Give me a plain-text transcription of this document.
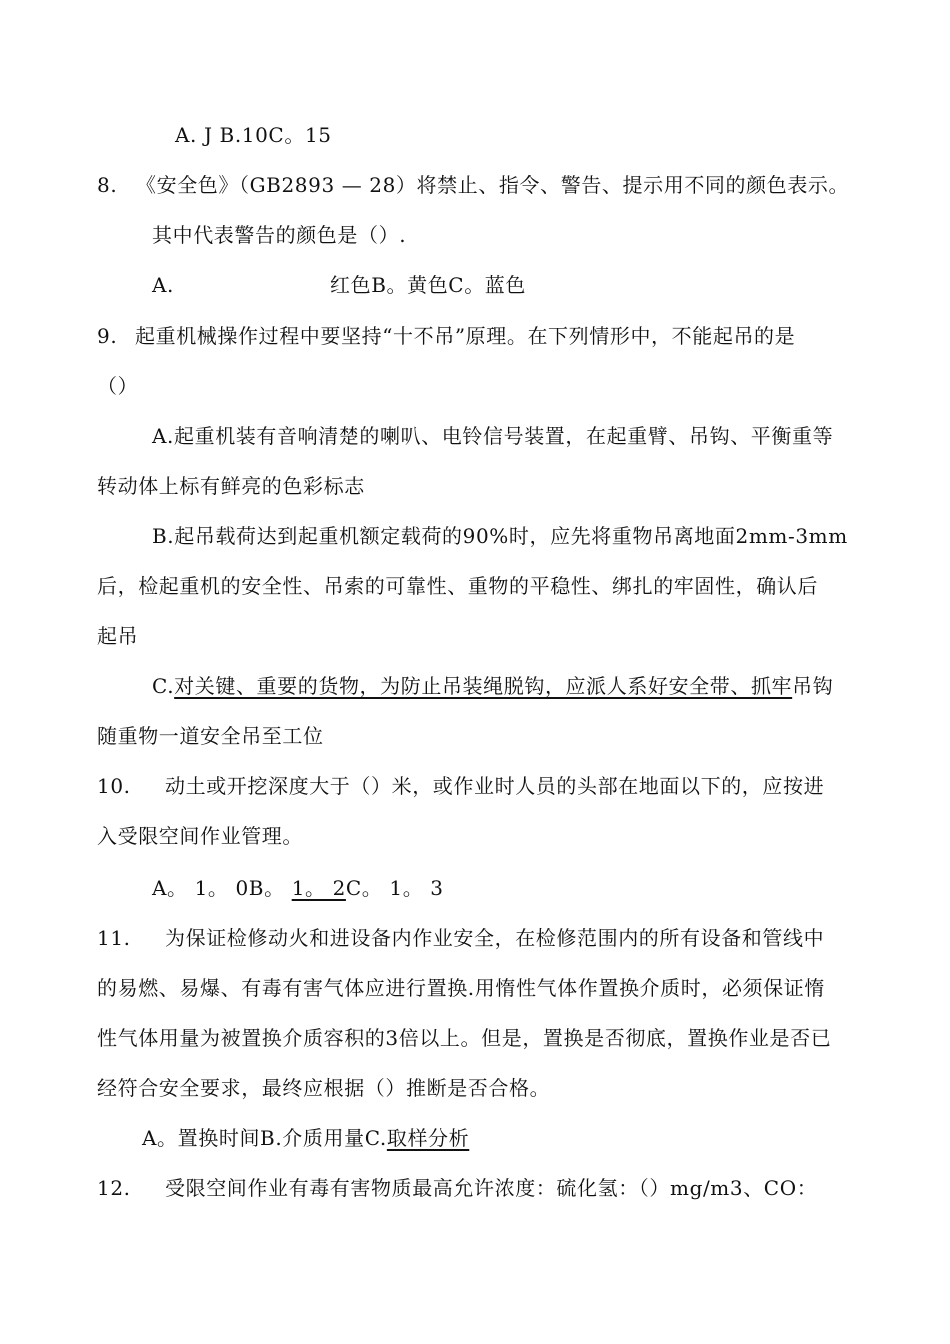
A. J B.10C。15
8. 《安全色》（GB2893 — 28）将禁止、指令、警告、提示用不同的颜色表示。
其中代表警告的颜色是（）.
A.	红色B。黄色C。蓝色
9. 起重机械操作过程中要坚持“十不吊”原理。在下列情形中，不能起吊的是
（）
A.起重机装有音响清楚的喇叭、电铃信号装置，在起重臂、吊钩、平衡重等
转动体上标有鲜亮的色彩标志
B.起吊载荷达到起重机额定载荷的90%时，应先将重物吊离地面2mm-3mm
后，检起重机的安全性、吊索的可靠性、重物的平稳性、绑扎的牢固性，确认后
起吊
C.对关键、重要的货物，为防止吊装绳脱钩，应派人系好安全带、抓牢吊钩
随重物一道安全吊至工位
10. 动土或开挖深度大于（）米，或作业时人员的头部在地面以下的，应按进
入受限空间作业管理。
A。 1。 0B。 1。 2C。 1。 3
11. 为保证检修动火和进设备内作业安全，在检修范围内的所有设备和管线中
的易燃、易爆、有毒有害气体应进行置换.用惰性气体作置换介质时，必须保证惰
性气体用量为被置换介质容积的3倍以上。但是，置换是否彻底，置换作业是否已
经符合安全要求，最终应根据（）推断是否合格。
A。置换时间B.介质用量C.取样分析
12. 受限空间作业有毒有害物质最高允许浓度：硫化氢：（）mg/m3、CO：
